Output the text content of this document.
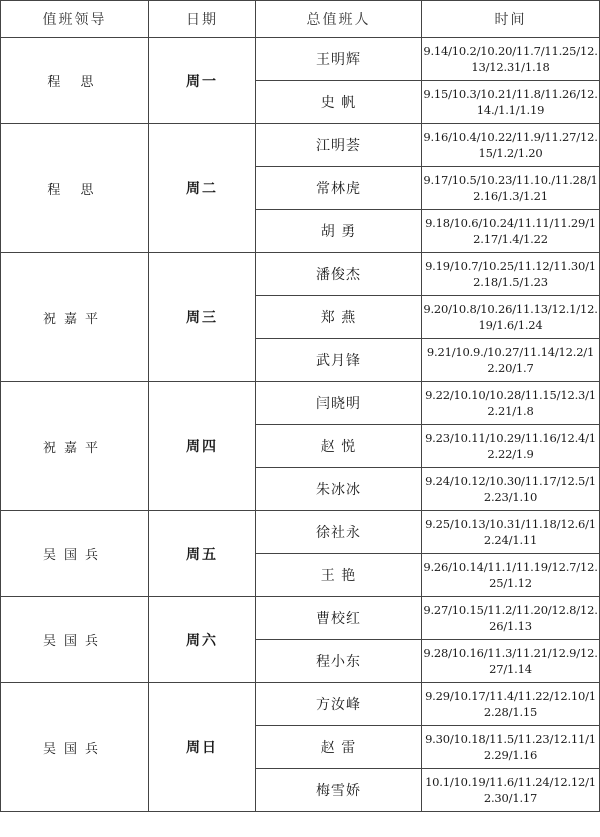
值班领导	日期	总值班人	时间
程 思	周一	王明辉	9.14/10.2/10.20/11.7/11.25/12.13/12.31/1.18
		史 帆	9.15/10.3/10.21/11.8/11.26/12.14./1.1/1.19
程 思	周二	江明荟	9.16/10.4/10.22/11.9/11.27/12.15/1.2/1.20
		常林虎	9.17/10.5/10.23/11.10./11.28/12.16/1.3/1.21
		胡 勇	9.18/10.6/10.24/11.11/11.29/12.17/1.4/1.22
祝嘉平	周三	潘俊杰	9.19/10.7/10.25/11.12/11.30/12.18/1.5/1.23
		郑 燕	9.20/10.8/10.26/11.13/12.1/12.19/1.6/1.24
		武月锋	9.21/10.9./10.27/11.14/12.2/12.20/1.7
祝嘉平	周四	闫晓明	9.22/10.10/10.28/11.15/12.3/12.21/1.8
		赵 悦	9.23/10.11/10.29/11.16/12.4/12.22/1.9
		朱冰冰	9.24/10.12/10.30/11.17/12.5/12.23/1.10
吴国兵	周五	徐社永	9.25/10.13/10.31/11.18/12.6/12.24/1.11
		王 艳	9.26/10.14/11.1/11.19/12.7/12.25/1.12
吴国兵	周六	曹校红	9.27/10.15/11.2/11.20/12.8/12.26/1.13
		程小东	9.28/10.16/11.3/11.21/12.9/12.27/1.14
吴国兵	周日	方汝峰	9.29/10.17/11.4/11.22/12.10/12.28/1.15
		赵 雷	9.30/10.18/11.5/11.23/12.11/12.29/1.16
		梅雪娇	10.1/10.19/11.6/11.24/12.12/12.30/1.17
